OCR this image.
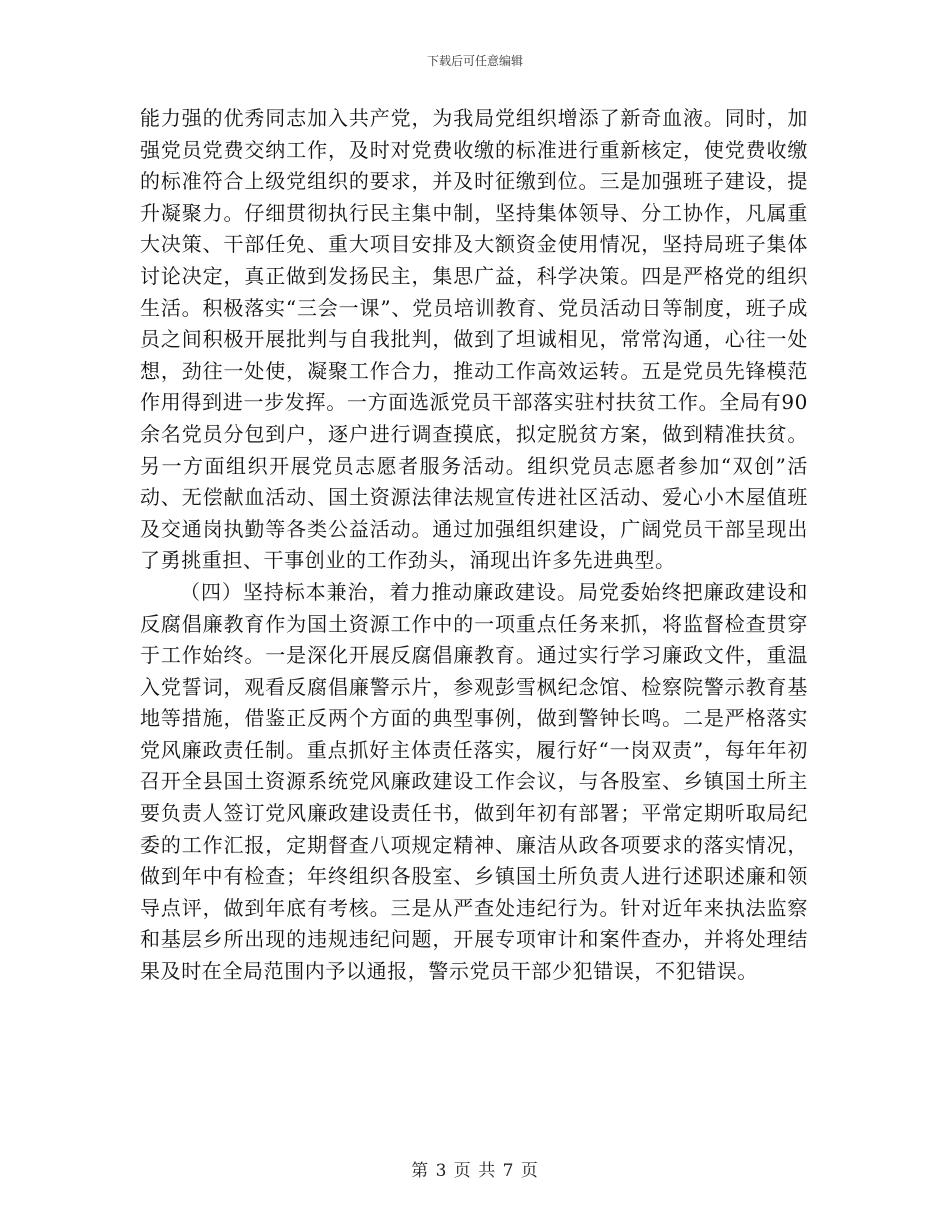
下载后可任意编辑

能力强的优秀同志加入共产党，为我局党组织增添了新奇血液。同时，加强党员党费交纳工作，及时对党费收缴的标准进行重新核定，使党费收缴的标准符合上级党组织的要求，并及时征缴到位。三是加强班子建设，提升凝聚力。仔细贯彻执行民主集中制，坚持集体领导、分工协作，凡属重大决策、干部任免、重大项目安排及大额资金使用情况，坚持局班子集体讨论决定，真正做到发扬民主，集思广益，科学决策。四是严格党的组织生活。积极落实“三会一课”、党员培训教育、党员活动日等制度，班子成员之间积极开展批判与自我批判，做到了坦诚相见，常常沟通，心往一处想，劲往一处使，凝聚工作合力，推动工作高效运转。五是党员先锋模范作用得到进一步发挥。一方面选派党员干部落实驻村扶贫工作。全局有90余名党员分包到户，逐户进行调查摸底，拟定脱贫方案，做到精准扶贫。另一方面组织开展党员志愿者服务活动。组织党员志愿者参加“双创”活动、无偿献血活动、国土资源法律法规宣传进社区活动、爱心小木屋值班及交通岗执勤等各类公益活动。通过加强组织建设，广阔党员干部呈现出了勇挑重担、干事创业的工作劲头，涌现出许多先进典型。

（四）坚持标本兼治，着力推动廉政建设。局党委始终把廉政建设和反腐倡廉教育作为国土资源工作中的一项重点任务来抓，将监督检查贯穿于工作始终。一是深化开展反腐倡廉教育。通过实行学习廉政文件，重温入党誓词，观看反腐倡廉警示片，参观彭雪枫纪念馆、检察院警示教育基地等措施，借鉴正反两个方面的典型事例，做到警钟长鸣。二是严格落实党风廉政责任制。重点抓好主体责任落实，履行好“一岗双责”，每年年初召开全县国土资源系统党风廉政建设工作会议，与各股室、乡镇国土所主要负责人签订党风廉政建设责任书，做到年初有部署；平常定期听取局纪委的工作汇报，定期督查八项规定精神、廉洁从政各项要求的落实情况，做到年中有检查；年终组织各股室、乡镇国土所负责人进行述职述廉和领导点评，做到年底有考核。三是从严查处违纪行为。针对近年来执法监察和基层乡所出现的违规违纪问题，开展专项审计和案件查办，并将处理结果及时在全局范围内予以通报，警示党员干部少犯错误，不犯错误。

第 3 页 共 7 页
